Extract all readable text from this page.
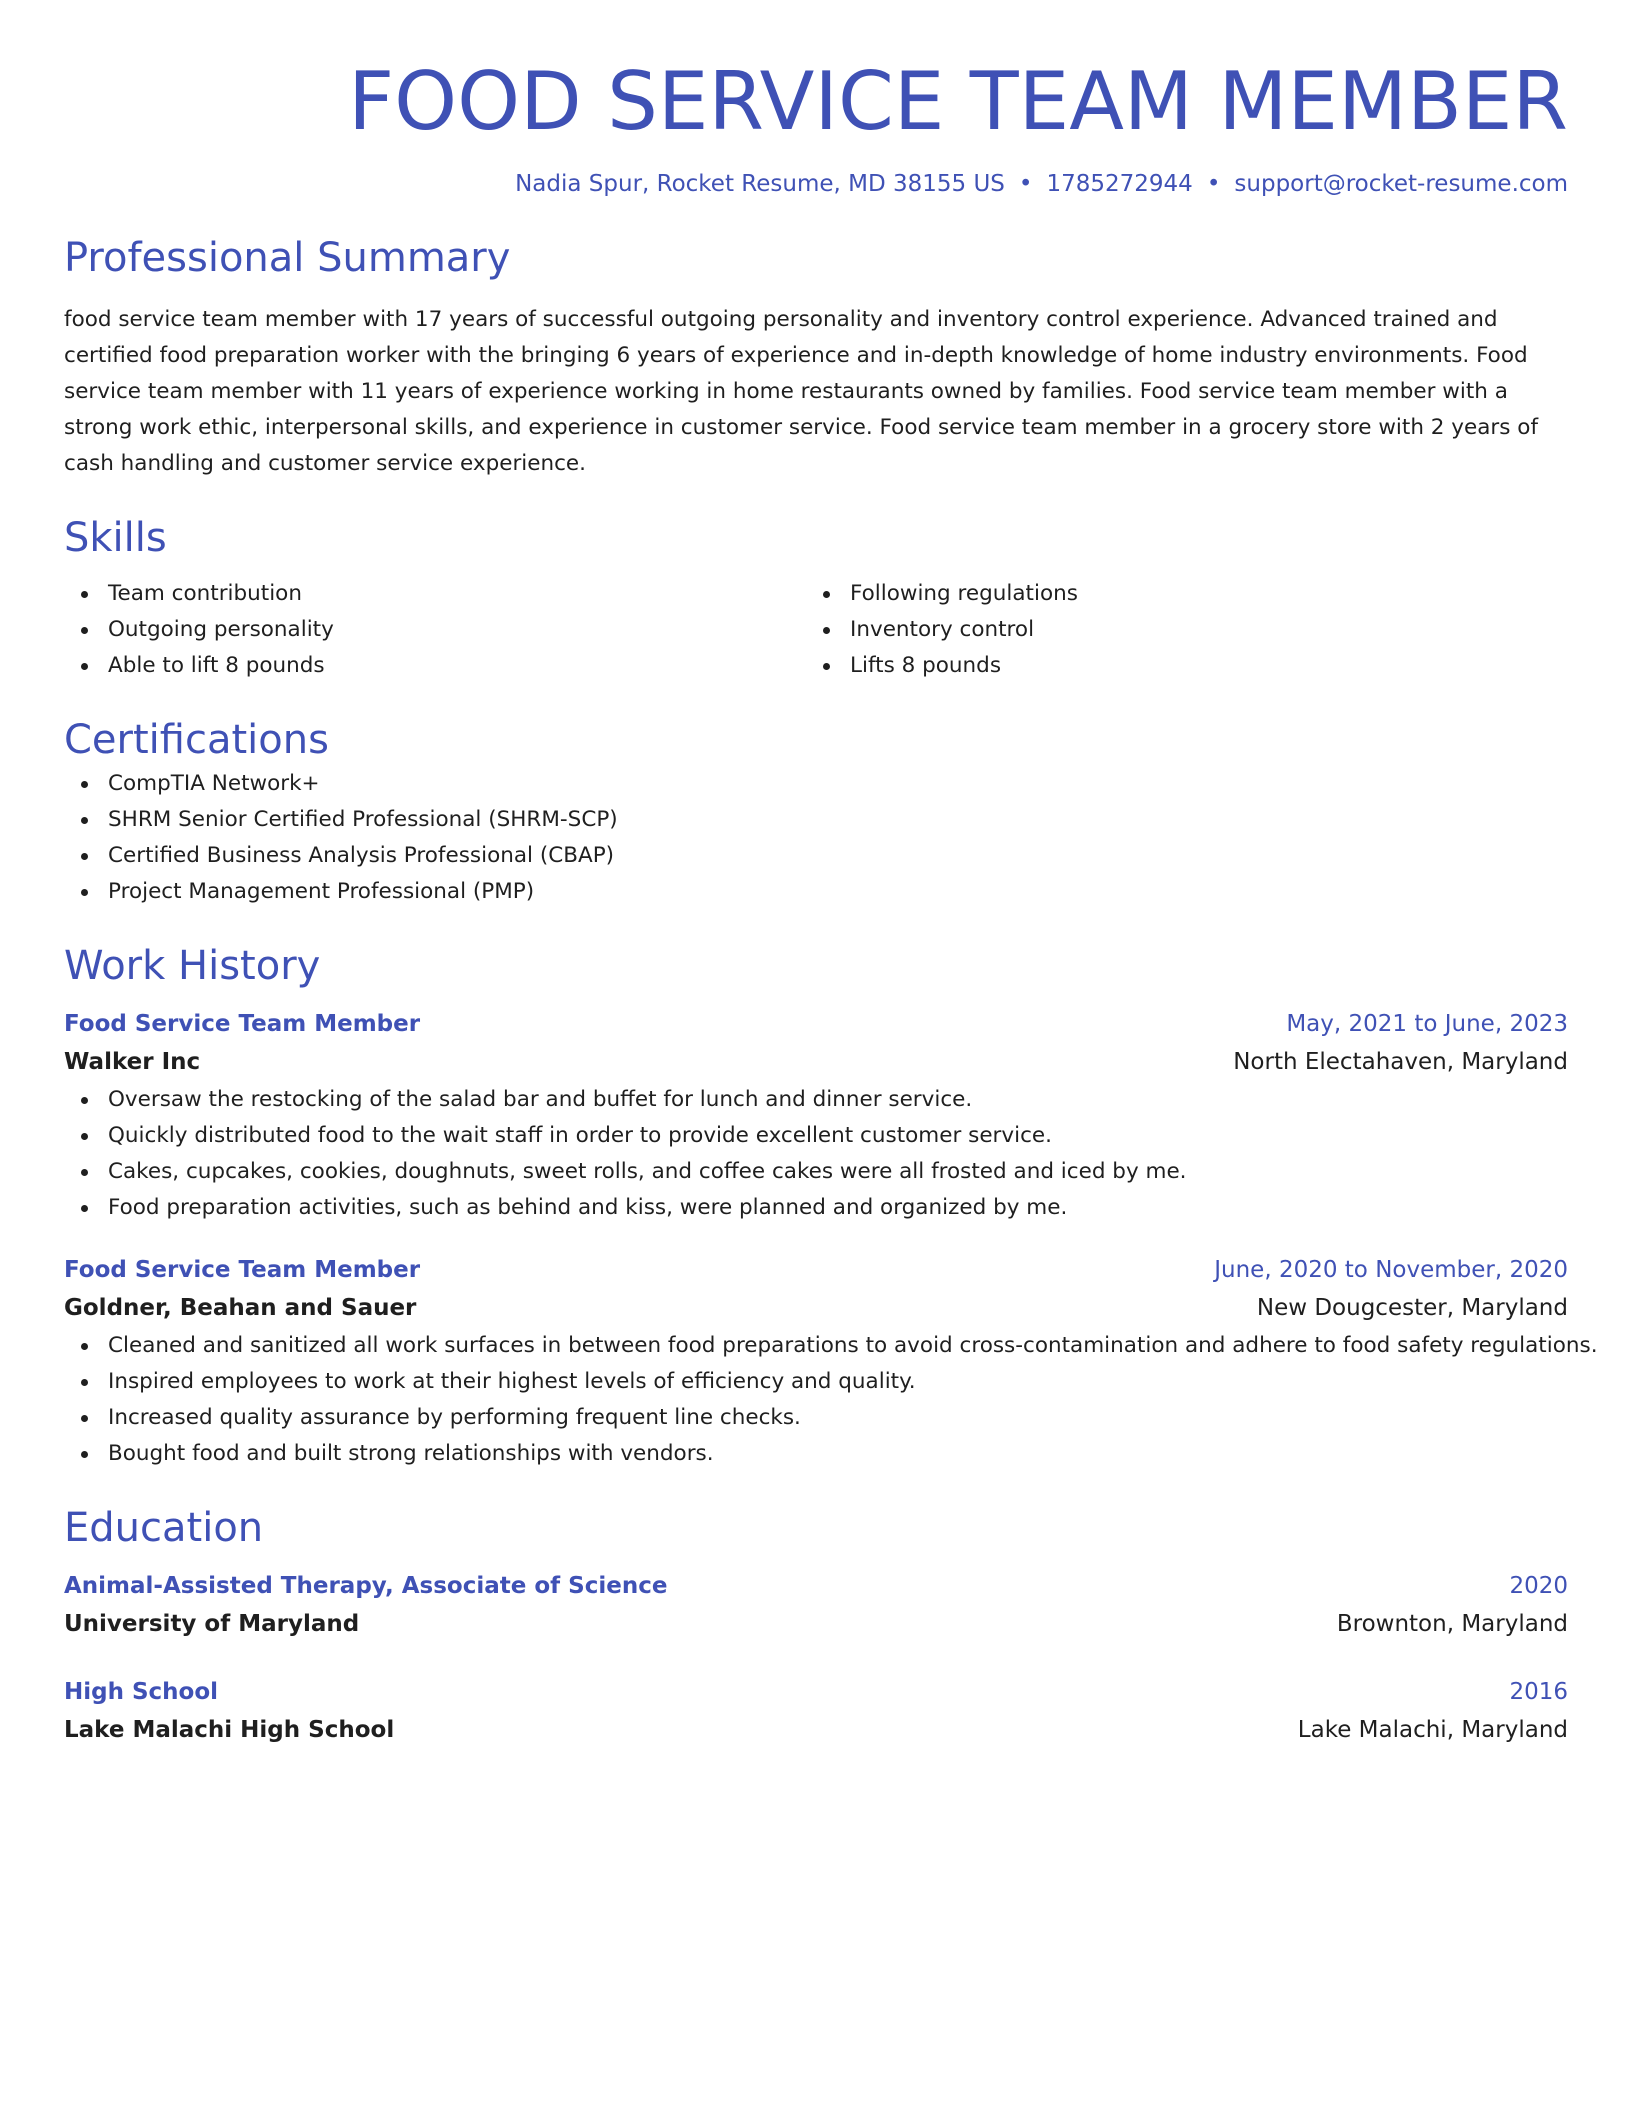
FOOD SERVICE TEAM MEMBER
Nadia Spur, Rocket Resume, MD 38155 US • 1785272944 • support@rocket-resume.com
Professional Summary

food service team member with 17 years of successful outgoing personality and inventory control experience. Advanced trained and certified food preparation worker with the bringing 6 years of experience and in-depth knowledge of home industry environments. Food service team member with 11 years of experience working in home restaurants owned by families. Food service team member with a strong work ethic, interpersonal skills, and experience in customer service. Food service team member in a grocery store with 2 years of cash handling and customer service experience.

Skills
Team contribution
Outgoing personality
Able to lift 8 pounds
Following regulations
Inventory control
Lifts 8 pounds
Certifications
CompTIA Network+
SHRM Senior Certified Professional (SHRM-SCP)
Certified Business Analysis Professional (CBAP)
Project Management Professional (PMP)
Work History
Food Service Team Member	May, 2021 to June, 2023
Walker Inc	North Electahaven, Maryland
Oversaw the restocking of the salad bar and buffet for lunch and dinner service.
Quickly distributed food to the wait staff in order to provide excellent customer service.
Cakes, cupcakes, cookies, doughnuts, sweet rolls, and coffee cakes were all frosted and iced by me.
Food preparation activities, such as behind and kiss, were planned and organized by me.
Food Service Team Member	June, 2020 to November, 2020
Goldner, Beahan and Sauer	New Dougcester, Maryland
Cleaned and sanitized all work surfaces in between food preparations to avoid cross-contamination and adhere to food safety regulations.
Inspired employees to work at their highest levels of efficiency and quality.
Increased quality assurance by performing frequent line checks.
Bought food and built strong relationships with vendors.
Education
Animal-Assisted Therapy, Associate of Science	2020
University of Maryland	Brownton, Maryland
High School	2016
Lake Malachi High School	Lake Malachi, Maryland
